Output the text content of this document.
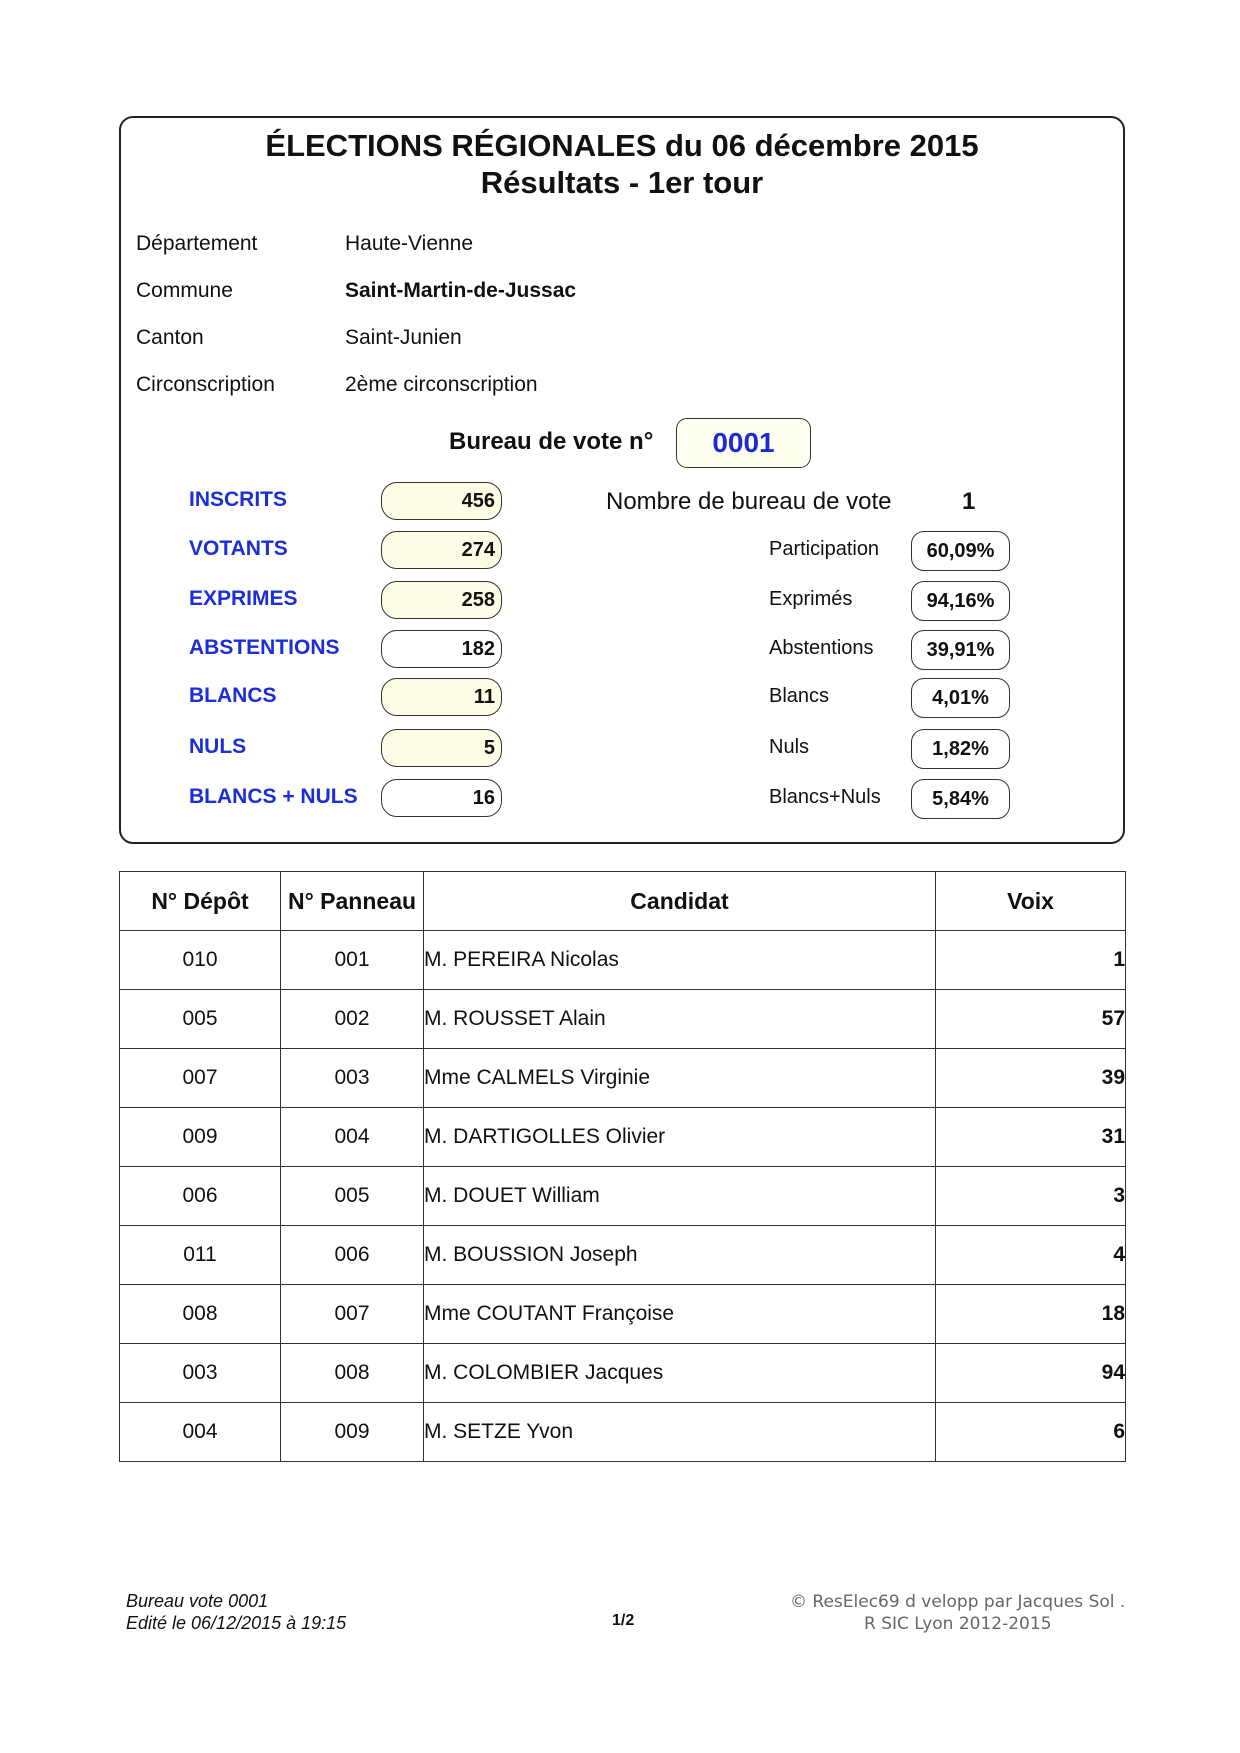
ÉLECTIONS RÉGIONALES du 06 décembre 2015
Résultats - 1er tour
Département	Haute-Vienne
Commune	Saint-Martin-de-Jussac
Canton	Saint-Junien
Circonscription	2ème circonscription
Bureau de vote n°	0001
INSCRITS	456
VOTANTS	274
EXPRIMES	258
ABSTENTIONS	182
BLANCS	11
NULS	5
BLANCS + NULS	16
Nombre de bureau de vote	1
Participation	60,09%
Exprimés	94,16%
Abstentions	39,91%
Blancs	4,01%
Nuls	1,82%
Blancs+Nuls	5,84%
N° Dépôt	N° Panneau	Candidat	Voix
010	001	M. PEREIRA Nicolas	1
005	002	M. ROUSSET Alain	57
007	003	Mme CALMELS Virginie	39
009	004	M. DARTIGOLLES Olivier	31
006	005	M. DOUET William	3
011	006	M. BOUSSION Joseph	4
008	007	Mme COUTANT Françoise	18
003	008	M. COLOMBIER Jacques	94
004	009	M. SETZE Yvon	6
Bureau vote 0001
Edité le 06/12/2015 à 19:15	1/2
© ResElec69 d velopp par Jacques Sol .
R SIC Lyon 2012-2015
